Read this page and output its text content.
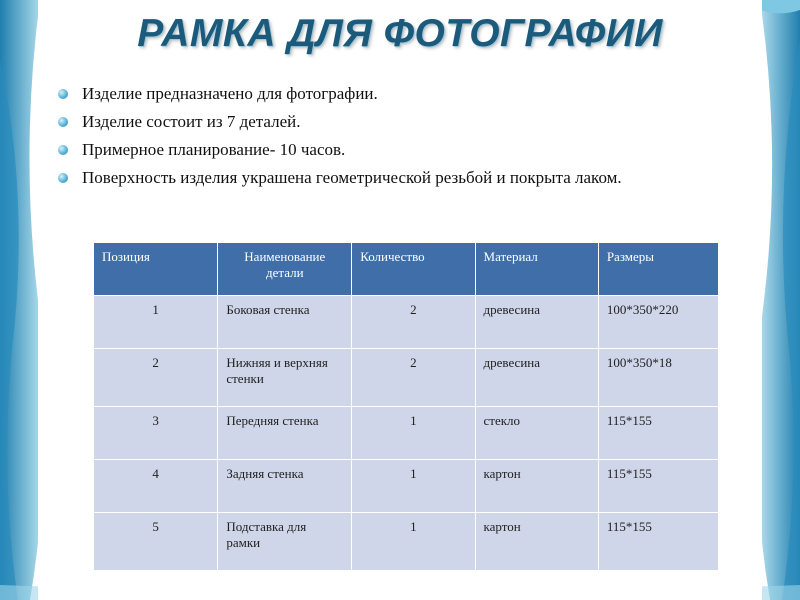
РАМКА ДЛЯ ФОТОГРАФИИ
Изделие предназначено для фотографии.
Изделие состоит из 7 деталей.
Примерное планирование- 10 часов.
Поверхность изделия украшена геометрической резьбой и покрыта лаком.
Позиция	Наименование детали	Количество	Материал	Размеры
1	Боковая стенка	2	древесина	100*350*220
2	Нижняя и верхняя стенки	2	древесина	100*350*18
3	Передняя стенка	1	стекло	115*155
4	Задняя стенка	1	картон	115*155
5	Подставка для рамки	1	картон	115*155
